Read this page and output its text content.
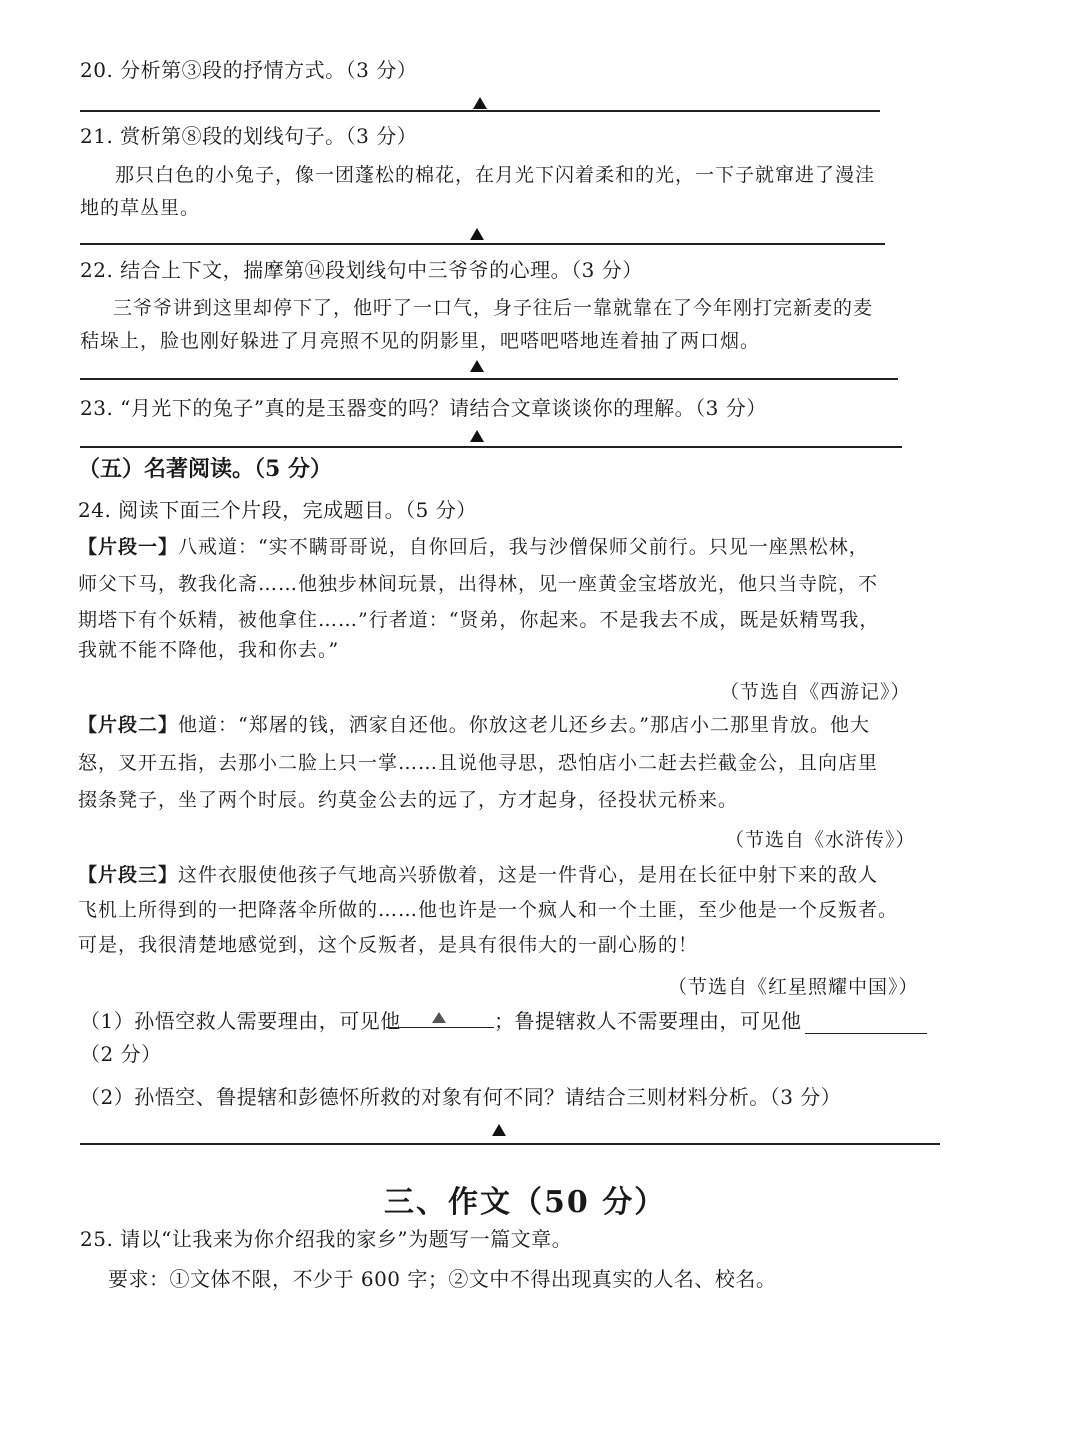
20. 分析第③段的抒情方式。（3 分）
21. 赏析第⑧段的划线句子。（3 分）
那只白色的小兔子，像一团蓬松的棉花，在月光下闪着柔和的光，一下子就窜进了漫洼
地的草丛里。
22. 结合上下文，揣摩第⑭段划线句中三爷爷的心理。（3 分）
三爷爷讲到这里却停下了，他吁了一口气，身子往后一靠就靠在了今年刚打完新麦的麦
秸垛上，脸也刚好躲进了月亮照不见的阴影里，吧嗒吧嗒地连着抽了两口烟。
23. “月光下的兔子”真的是玉器变的吗？请结合文章谈谈你的理解。（3 分）
（五）名著阅读。（5 分）
24. 阅读下面三个片段，完成题目。（5 分）
【片段一】八戒道：“实不瞒哥哥说，自你回后，我与沙僧保师父前行。只见一座黑松林，
师父下马，教我化斋……他独步林间玩景，出得林，见一座黄金宝塔放光，他只当寺院，不
期塔下有个妖精，被他拿住……”行者道：“贤弟，你起来。不是我去不成，既是妖精骂我，
我就不能不降他，我和你去。”
（节选自《西游记》）
【片段二】他道：“郑屠的钱，洒家自还他。你放这老儿还乡去。”那店小二那里肯放。他大
怒，叉开五指，去那小二脸上只一掌……且说他寻思，恐怕店小二赶去拦截金公，且向店里
掇条凳子，坐了两个时辰。约莫金公去的远了，方才起身，径投状元桥来。
（节选自《水浒传》）
【片段三】这件衣服使他孩子气地高兴骄傲着，这是一件背心，是用在长征中射下来的敌人
飞机上所得到的一把降落伞所做的……他也许是一个疯人和一个土匪，至少他是一个反叛者。
可是，我很清楚地感觉到，这个反叛者，是具有很伟大的一副心肠的！
（节选自《红星照耀中国》）
（1）孙悟空救人需要理由，可见他	；鲁提辖救人不需要理由，可见他
（2 分）
（2）孙悟空、鲁提辖和彭德怀所救的对象有何不同？请结合三则材料分析。（3 分）
三、作文（50 分）
25. 请以“让我来为你介绍我的家乡”为题写一篇文章。
要求：①文体不限，不少于 600 字；②文中不得出现真实的人名、校名。
